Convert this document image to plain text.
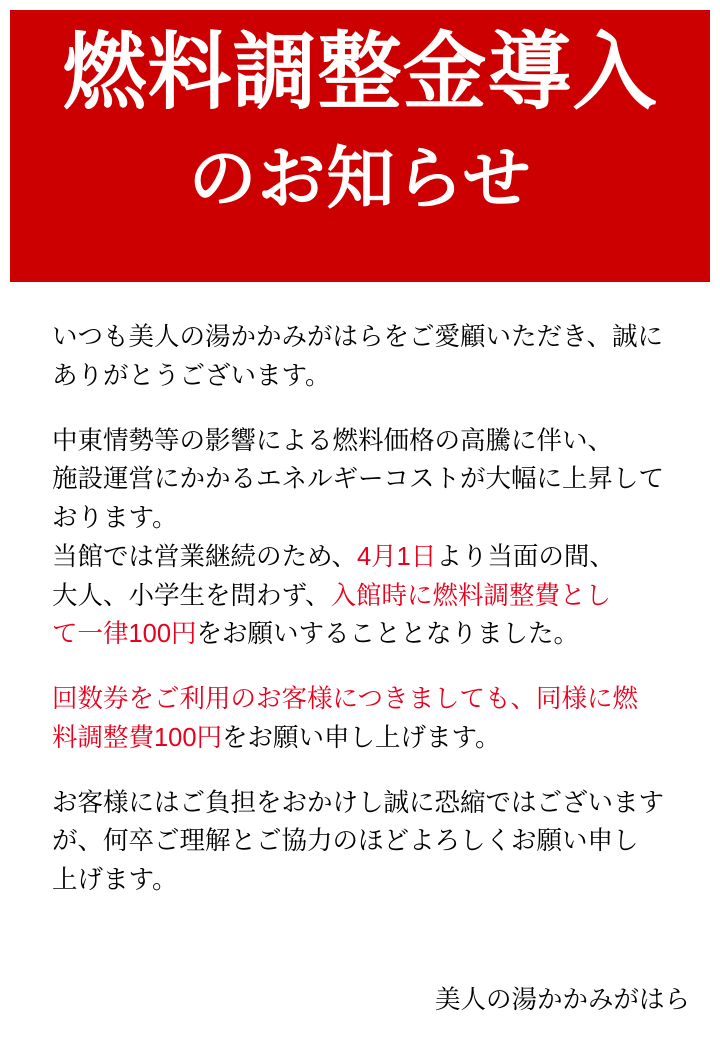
燃料調整金導入
のお知らせ

いつも美人の湯かかみがはらをご愛顧いただき、誠に
ありがとうございます。

中東情勢等の影響による燃料価格の高騰に伴い、
施設運営にかかるエネルギーコストが大幅に上昇して
おります。

当館では営業継続のため、4月1日より当面の間、
大人、小学生を問わず、入館時に燃料調整費とし
て一律100円をお願いすることとなりました。

回数券をご利用のお客様につきましても、同様に燃
料調整費100円をお願い申し上げます。

お客様にはご負担をおかけし誠に恐縮ではございます
が、何卒ご理解とご協力のほどよろしくお願い申し
上げます。

美人の湯かかみがはら
